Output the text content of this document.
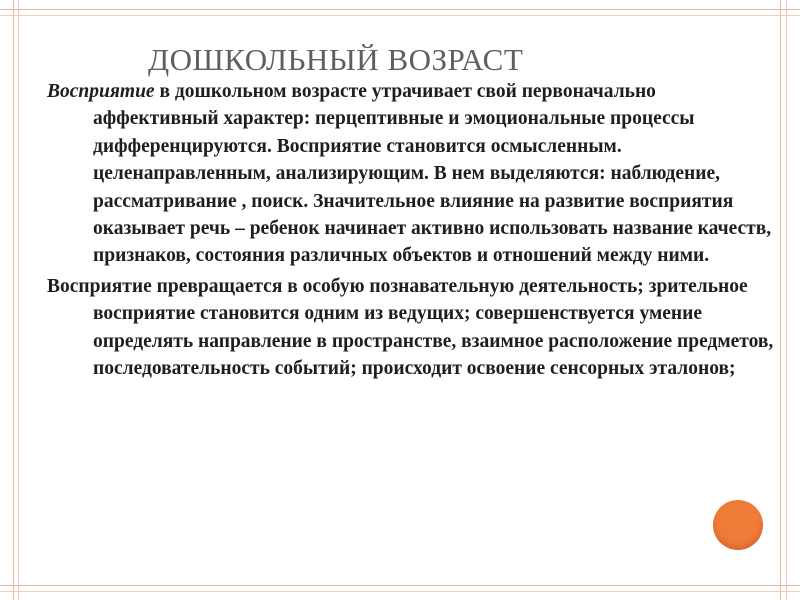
ДОШКОЛЬНЫЙ ВОЗРАСТ

Восприятие в дошкольном возрасте утрачивает свой первоначально аффективный характер: перцептивные и эмоциональные процессы дифференцируются. Восприятие становится осмысленным. целенаправленным, анализирующим. В нем выделяются: наблюдение, рассматривание , поиск. Значительное влияние на развитие восприятия оказывает речь – ребенок начинает активно использовать название качеств, признаков, состояния различных объектов и отношений между ними.

Восприятие превращается в особую познавательную деятельность; зрительное восприятие становится одним из ведущих; совершенствуется умение определять направление в пространстве, взаимное расположение предметов, последовательность событий; происходит освоение сенсорных эталонов;
